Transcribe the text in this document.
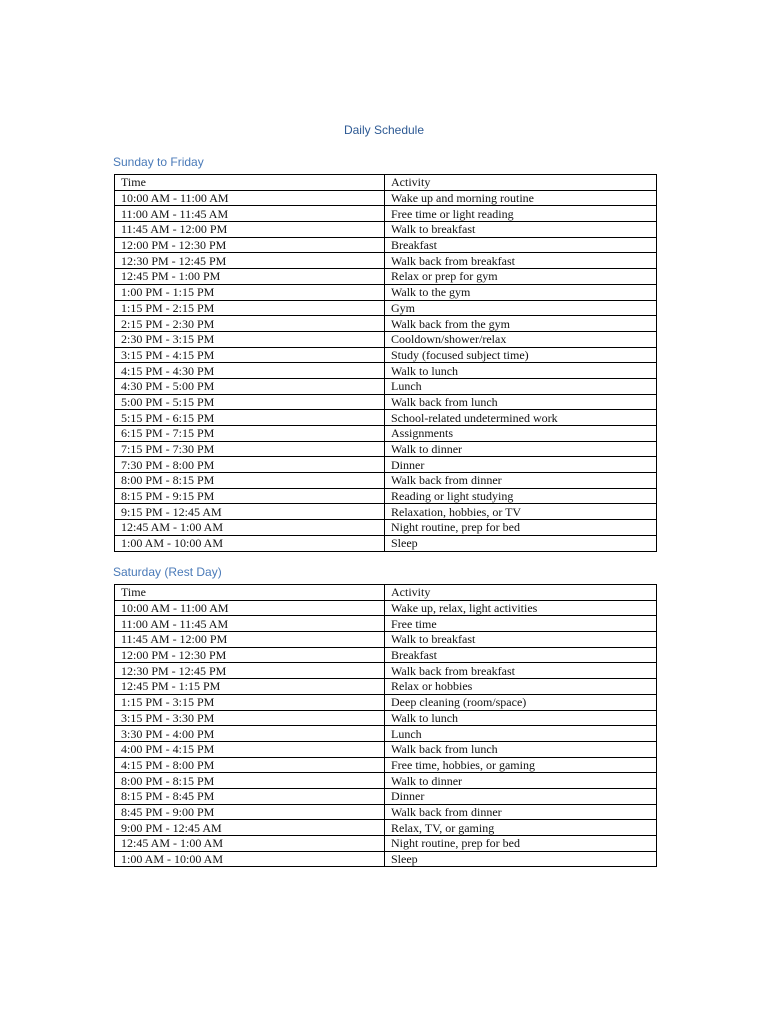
Daily Schedule
Sunday to Friday
Time	Activity
10:00 AM - 11:00 AM	Wake up and morning routine
11:00 AM - 11:45 AM	Free time or light reading
11:45 AM - 12:00 PM	Walk to breakfast
12:00 PM - 12:30 PM	Breakfast
12:30 PM - 12:45 PM	Walk back from breakfast
12:45 PM - 1:00 PM	Relax or prep for gym
1:00 PM - 1:15 PM	Walk to the gym
1:15 PM - 2:15 PM	Gym
2:15 PM - 2:30 PM	Walk back from the gym
2:30 PM - 3:15 PM	Cooldown/shower/relax
3:15 PM - 4:15 PM	Study (focused subject time)
4:15 PM - 4:30 PM	Walk to lunch
4:30 PM - 5:00 PM	Lunch
5:00 PM - 5:15 PM	Walk back from lunch
5:15 PM - 6:15 PM	School-related undetermined work
6:15 PM - 7:15 PM	Assignments
7:15 PM - 7:30 PM	Walk to dinner
7:30 PM - 8:00 PM	Dinner
8:00 PM - 8:15 PM	Walk back from dinner
8:15 PM - 9:15 PM	Reading or light studying
9:15 PM - 12:45 AM	Relaxation, hobbies, or TV
12:45 AM - 1:00 AM	Night routine, prep for bed
1:00 AM - 10:00 AM	Sleep
Saturday (Rest Day)
Time	Activity
10:00 AM - 11:00 AM	Wake up, relax, light activities
11:00 AM - 11:45 AM	Free time
11:45 AM - 12:00 PM	Walk to breakfast
12:00 PM - 12:30 PM	Breakfast
12:30 PM - 12:45 PM	Walk back from breakfast
12:45 PM - 1:15 PM	Relax or hobbies
1:15 PM - 3:15 PM	Deep cleaning (room/space)
3:15 PM - 3:30 PM	Walk to lunch
3:30 PM - 4:00 PM	Lunch
4:00 PM - 4:15 PM	Walk back from lunch
4:15 PM - 8:00 PM	Free time, hobbies, or gaming
8:00 PM - 8:15 PM	Walk to dinner
8:15 PM - 8:45 PM	Dinner
8:45 PM - 9:00 PM	Walk back from dinner
9:00 PM - 12:45 AM	Relax, TV, or gaming
12:45 AM - 1:00 AM	Night routine, prep for bed
1:00 AM - 10:00 AM	Sleep
